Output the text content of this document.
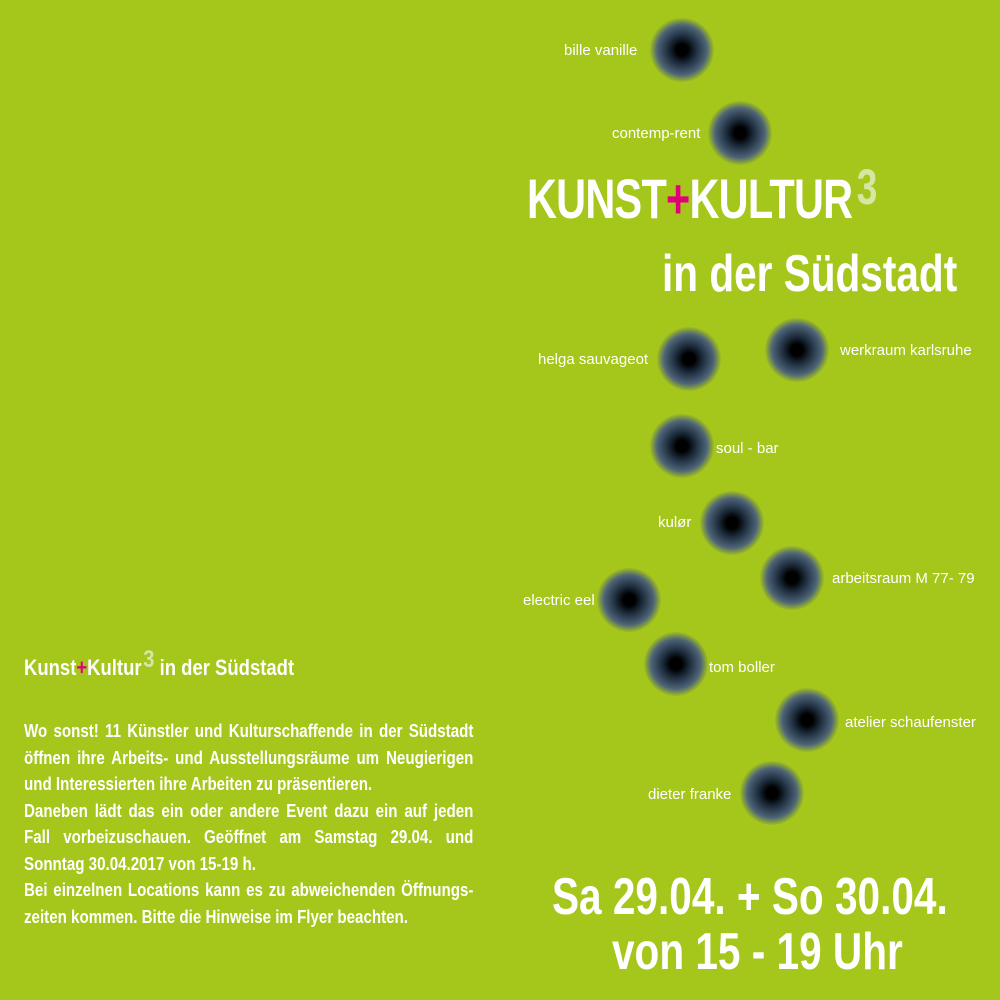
KUNST+KULTUR3
in der Südstadt
bille vanille
contemp-rent
helga sauvageot
werkraum karlsruhe
soul - bar
kulør
arbeitsraum M 77- 79
electric eel
tom boller
atelier schaufenster
dieter franke
Kunst+Kultur3 in der Südstadt

Wo sonst! 11 Künstler und Kulturschaffende in der Südstadt öffnen ihre Arbeits- und Ausstellungsräume um Neugierigen und Interessierten ihre Arbeiten zu präsentieren.

Daneben lädt das ein oder andere Event dazu ein auf jeden Fall vorbeizuschauen. Geöffnet am Samstag 29.04. und Sonntag 30.04.2017 von 15-19 h.

Bei einzelnen Locations kann es zu abweichenden Öffnungs-zeiten kommen. Bitte die Hinweise im Flyer beachten.	Sa 29.04. + So 30.04.
von 15 - 19 Uhr
